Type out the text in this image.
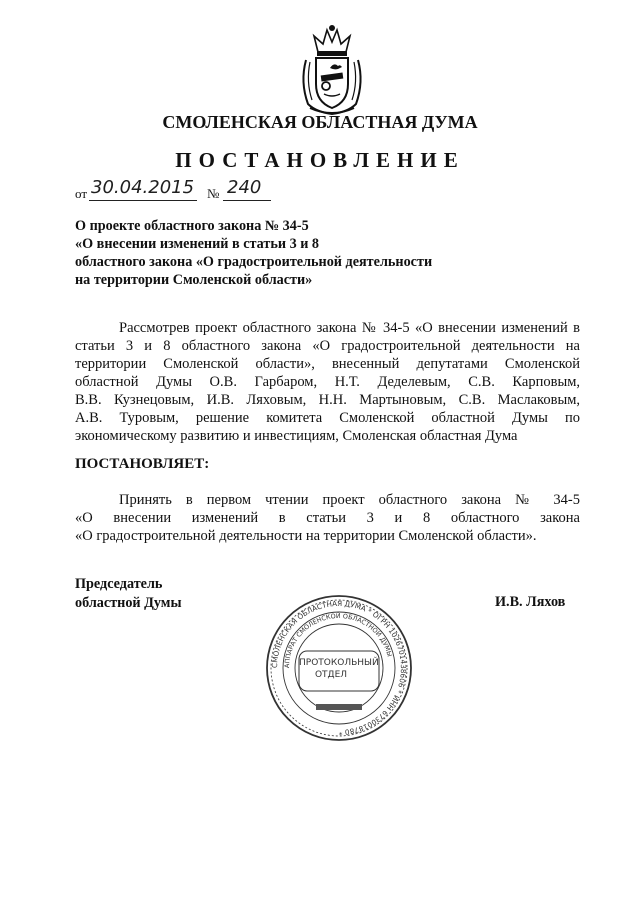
СМОЛЕНСКАЯ ОБЛАСТНАЯ ДУМА
ПОСТАНОВЛЕНИЕ
от 30.04.2015 № 240
О проекте областного закона № 34-5
«О внесении изменений в статьи 3 и 8
областного закона «О градостроительной деятельности
на территории Смоленской области»
Рассмотрев проект областного закона № 34-5 «О внесении изменений в
статьи 3 и 8 областного закона «О градостроительной деятельности на
территории Смоленской области», внесенный депутатами Смоленской
областной Думы О.В. Гарбаром, Н.Т. Деделевым, С.В. Карповым,
В.В. Кузнецовым, И.В. Ляховым, Н.Н. Мартыновым, С.В. Маслаковым,
А.В. Туровым, решение комитета Смоленской областной Думы по
экономическому развитию и инвестициям, Смоленская областная Дума
ПОСТАНОВЛЯЕТ:
Принять в первом чтении проект областного закона № 34-5
«О внесении изменений в статьи 3 и 8 областного закона
«О градостроительной деятельности на территории Смоленской области».
Председатель
областной Думы	И.В. Ляхов
СМОЛЕНСКАЯ ОБЛАСТНАЯ ДУМА * ОГРН 1026701438606 * ИНН 6730018780 *
АППАРАТ СМОЛЕНСКОЙ ОБЛАСТНОЙ ДУМЫ
ПРОТОКОЛЬНЫЙ
ОТДЕЛ
